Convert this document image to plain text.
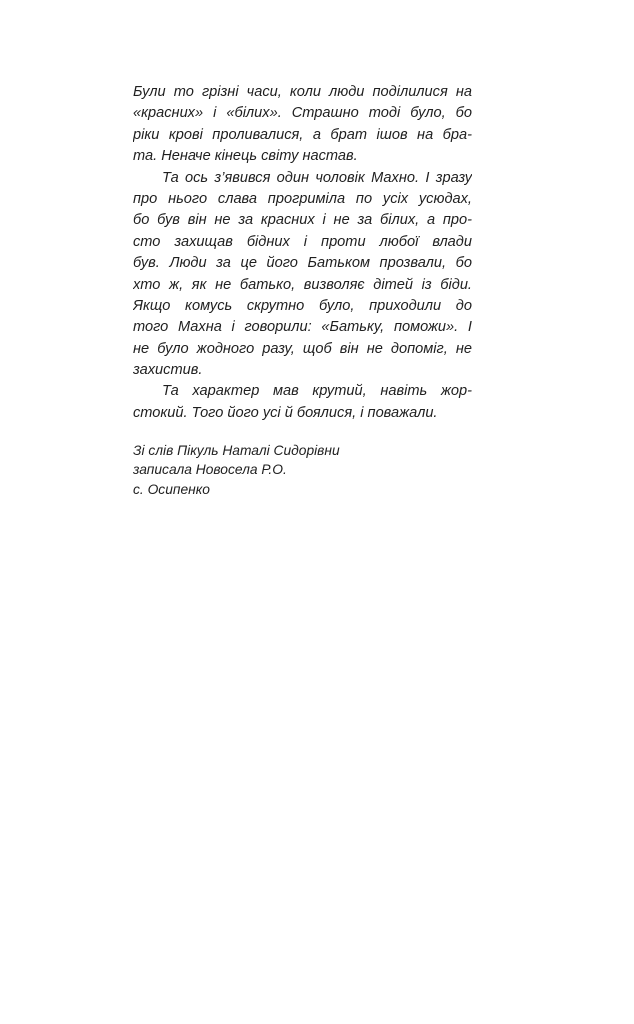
Були то грізні часи, коли люди поділилися на
«красних» і «білих». Страшно тоді було, бо
ріки крові проливалися, а брат ішов на бра-
та. Неначе кінець світу настав.

Та ось з’явився один чоловік Махно. І зразу
про нього слава прогриміла по усіх усюдах,
бо був він не за красних і не за білих, а про-
сто захищав бідних і проти любої влади
був. Люди за це його Батьком прозвали, бо
хто ж, як не батько, визволяє дітей із біди.
Якщо комусь скрутно було, приходили до
того Махна і говорили: «Батьку, поможи». І
не було жодного разу, щоб він не допоміг, не
захистив.

Та характер мав крутий, навіть жор-
стокий. Того його усі й боялися, і поважали.

Зі слів Пікуль Наталі Сидорівни
записала Новосела Р.О.
с. Осипенко
